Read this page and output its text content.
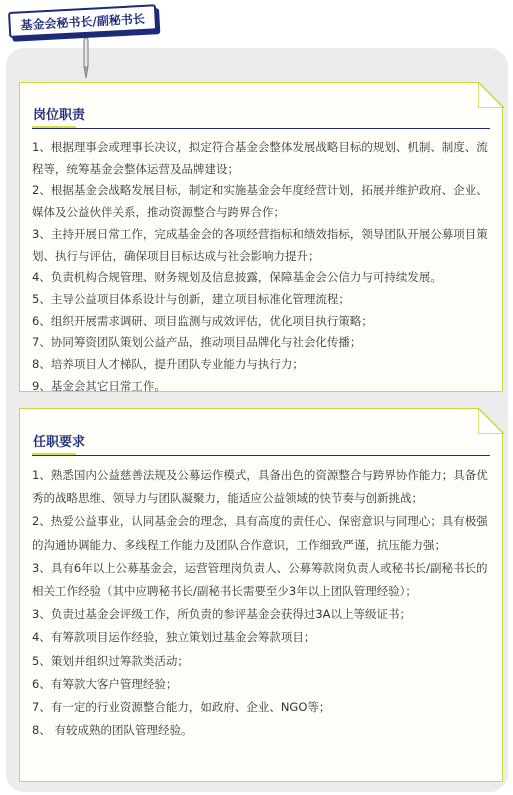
基金会秘书长/副秘书长
岗位职责
1、根据理事会或理事长决议，拟定符合基金会整体发展战略目标的规划、机制、制度、流程等，统筹基金会整体运营及品牌建设；
2、根据基金会战略发展目标，制定和实施基金会年度经营计划，拓展并维护政府、企业、媒体及公益伙伴关系，推动资源整合与跨界合作；
3、主持开展日常工作，完成基金会的各项经营指标和绩效指标，领导团队开展公募项目策划、执行与评估，确保项目目标达成与社会影响力提升；
4、负责机构合规管理、财务规划及信息披露，保障基金会公信力与可持续发展。
5、主导公益项目体系设计与创新，建立项目标准化管理流程；
6、组织开展需求调研、项目监测与成效评估，优化项目执行策略；
7、协同筹资团队策划公益产品，推动项目品牌化与社会化传播；
8、培养项目人才梯队，提升团队专业能力与执行力；
9、基金会其它日常工作。
任职要求
1、熟悉国内公益慈善法规及公募运作模式，具备出色的资源整合与跨界协作能力；具备优秀的战略思维、领导力与团队凝聚力，能适应公益领域的快节奏与创新挑战；
2、热爱公益事业，认同基金会的理念，具有高度的责任心、保密意识与同理心；具有极强的沟通协调能力、多线程工作能力及团队合作意识，工作细致严谨，抗压能力强；
3、具有6年以上公募基金会，运营管理岗负责人、公募筹款岗负责人或秘书长/副秘书长的相关工作经验（其中应聘秘书长/副秘书长需要至少3年以上团队管理经验）；
3、负责过基金会评级工作，所负责的参评基金会获得过3A以上等级证书；
4、有筹款项目运作经验，独立策划过基金会筹款项目；
5、策划并组织过筹款类活动；
6、有筹款大客户管理经验；
7、有一定的行业资源整合能力，如政府、企业、NGO等；
8、 有较成熟的团队管理经验。
